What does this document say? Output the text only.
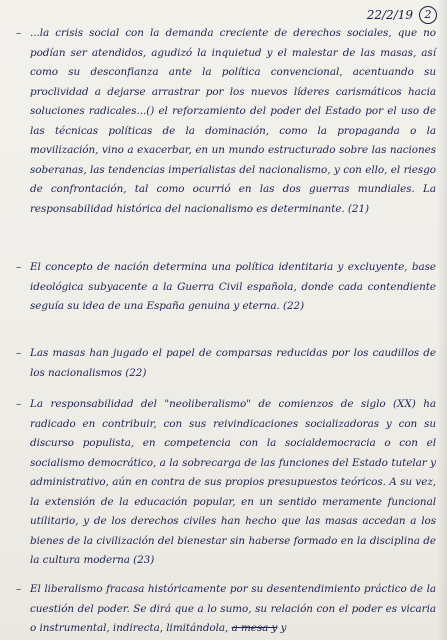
22/2/19	2
– ...la crisis social con la demanda creciente de derechos sociales, que no podían ser atendidos, agudizó la inquietud y el malestar de las masas, así como su desconfianza ante la política convencional, acentuando su proclividad a dejarse arrastrar por los nuevos líderes carismáticos hacia soluciones radicales...() el reforzamiento del poder del Estado por el uso de las técnicas políticas de la dominación, como la propaganda o la movilización, vino a exacerbar, en un mundo estructurado sobre las naciones soberanas, las tendencias imperialistas del nacionalismo, y con ello, el riesgo de confrontación, tal como ocurrió en las dos guerras mundiales. La responsabilidad histórica del nacionalismo es determinante. (21)
– El concepto de nación determina una política identitaria y excluyente, base ideológica subyacente a la Guerra Civil española, donde cada contendiente seguía su idea de una España genuina y eterna. (22)
– Las masas han jugado el papel de comparsas reducidas por los caudillos de los nacionalismos (22)
– La responsabilidad del "neoliberalismo" de comienzos de siglo (XX) ha radicado en contribuir, con sus reivindicaciones socializadoras y con su discurso populista, en competencia con la socialdemocracia o con el socialismo democrático, a la sobrecarga de las funciones del Estado tutelar y administrativo, aún en contra de sus propios presupuestos teóricos. A su vez, la extensión de la educación popular, en un sentido meramente funcional utilitario, y de los derechos civiles han hecho que las masas accedan a los bienes de la civilización del bienestar sin haberse formado en la disciplina de la cultura moderna (23)
– El liberalismo fracasa históricamente por su desentendimiento práctico de la cuestión del poder. Se dirá que a lo sumo, su relación con el poder es vicaria o instrumental, indirecta, limitándola, a mesa y y
